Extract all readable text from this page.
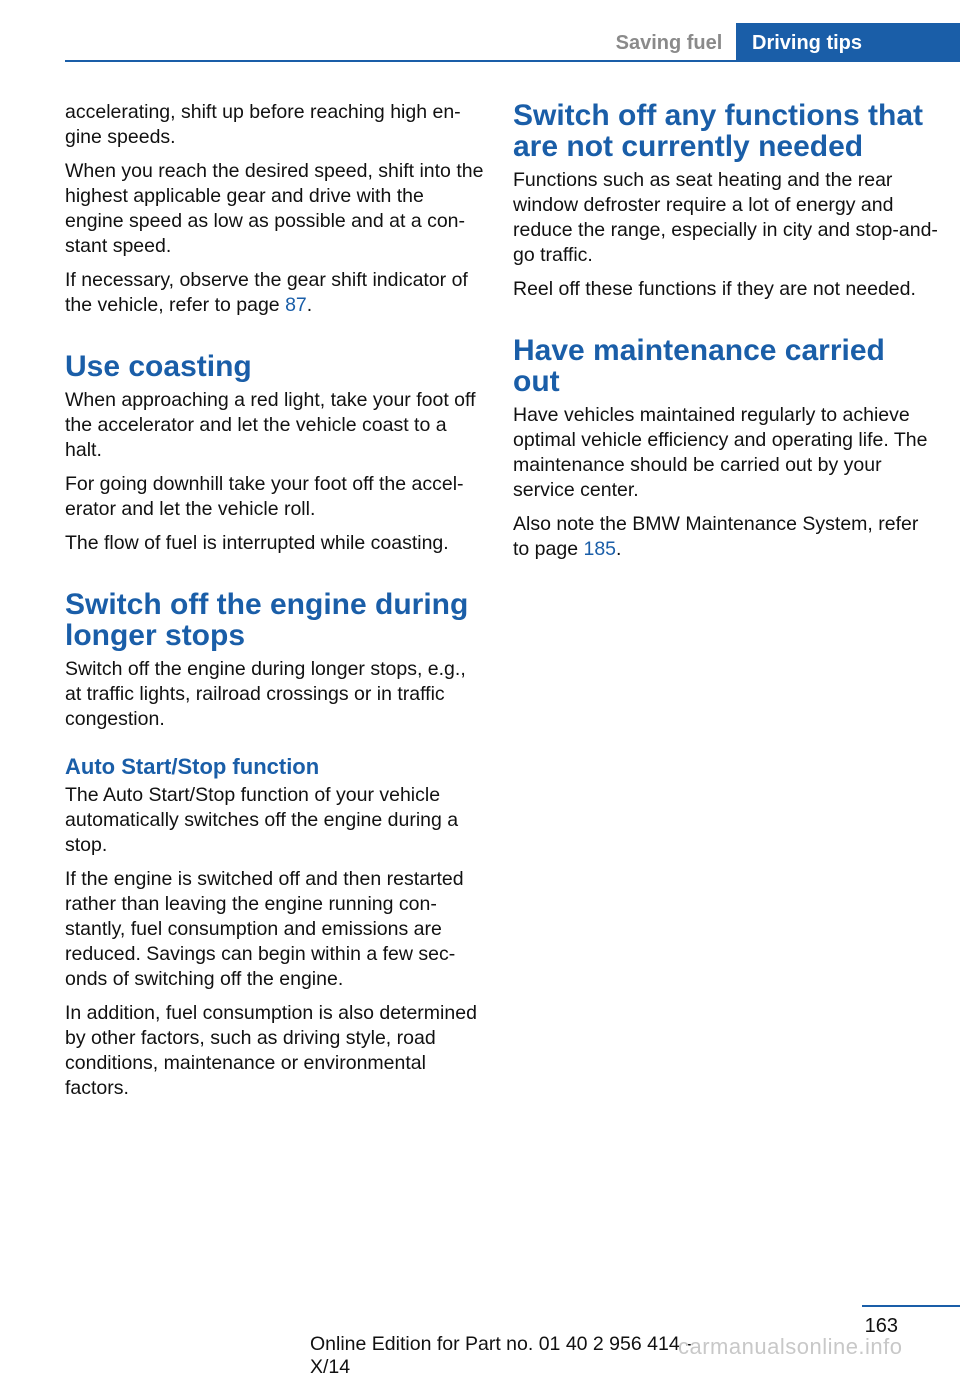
Saving fuel	Driving tips

accelerating, shift up before reaching high engine speeds.

When you reach the desired speed, shift into the highest applicable gear and drive with the engine speed as low as possible and at a constant speed.

If necessary, observe the gear shift indicator of the vehicle, refer to page 87.

Use coasting

When approaching a red light, take your foot off the accelerator and let the vehicle coast to a halt.

For going downhill take your foot off the accelerator and let the vehicle roll.

The flow of fuel is interrupted while coasting.

Switch off the engine during longer stops

Switch off the engine during longer stops, e.g., at traffic lights, railroad crossings or in traffic congestion.

Auto Start/Stop function

The Auto Start/Stop function of your vehicle automatically switches off the engine during a stop.

If the engine is switched off and then restarted rather than leaving the engine running constantly, fuel consumption and emissions are reduced. Savings can begin within a few seconds of switching off the engine.

In addition, fuel consumption is also determined by other factors, such as driving style, road conditions, maintenance or environmental factors.

Switch off any functions that are not currently needed

Functions such as seat heating and the rear window defroster require a lot of energy and reduce the range, especially in city and stop-and-go traffic.

Reel off these functions if they are not needed.

Have maintenance carried out

Have vehicles maintained regularly to achieve optimal vehicle efficiency and operating life. The maintenance should be carried out by your service center.

Also note the BMW Maintenance System, refer to page 185.

163
Online Edition for Part no. 01 40 2 956 414 - X/14
carmanualsonline.info
